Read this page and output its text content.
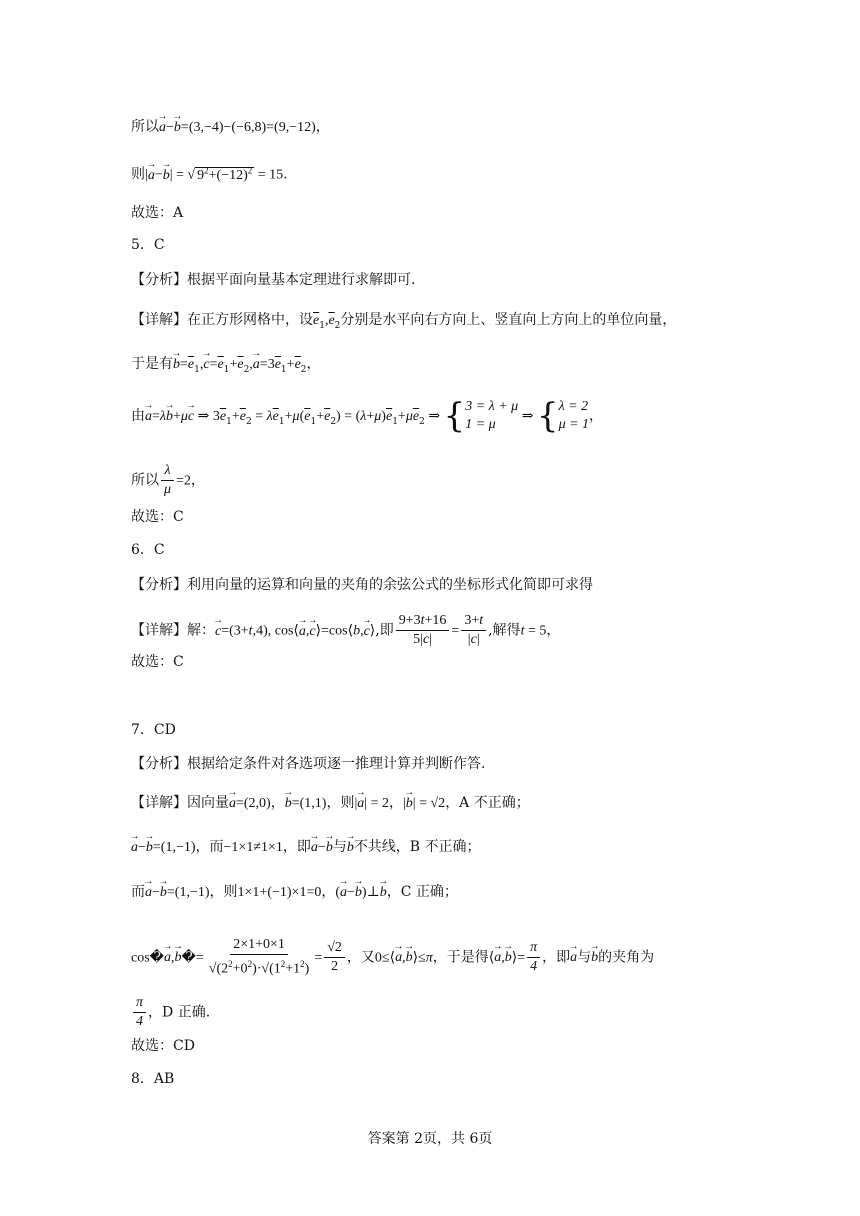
所以→ a−→ b=(3,−4)−(−6,8)=(9,−12)，
则|→ a−→ b| = √ $9^2+(-12)^2 = 15$.
故选：A
5．C
【分析】根据平面向量基本定理进行求解即可.
【详解】在正方形网格中，设$\overline{e}_1,\overline{e}_2$分别是水平向右方向上、竖直向上方向上的单位向量，
于是有→ $b=\overline{e}_1,\to c=\overline{e}_1+\overline{e}_2,\to a=3\overline{e}_1+\overline{e}_2$，
由→ a=λ→ b+μ→ c ⇒ $3\overline{e}_1+\overline{e}_2 = \lambda\overline{e}_1+\mu(\overline{e}_1+\overline{e}_2) = (\lambda+\mu)\overline{e}_1+\mu\overline{e}_2$ ⇒ { 3 = λ + μ
1 = μ
⇒ { λ = 2
μ = 1
，
所以 $\frac{\lambda}{\mu} =2$，
故选：C
6．C
【分析】利用向量的运算和向量的夹角的余弦公式的坐标形式化简即可求得
【详解】解：→ c=(3+t,4), cos⟨→ a,→ c⟩=cos⟨b,→ c⟩,即 $\frac{9+3t+16}{5|c|} = \frac{3+t}{|c|}$ ,解得t = 5，
故选：C
7．CD
【分析】根据给定条件对各选项逐一推理计算并判断作答.
【详解】因向量→ a=(2,0)，→ b=(1,1)，则|→ a| = 2，|→ b| = √2，A 不正确；
→ a−→ b=(1,−1)，而−1×1≠1×1，即→ a−→ b与→ b不共线，B 不正确；
而→ a−→ b=(1,−1)，则1×1+(−1)×1=0，(→ a−→ b)⊥→ b，C 正确；
cos�→ a,→ b�= $\frac{2\times 1+0\times 1}{√(2^2+0^2)\cdot√(1^2+1^2)} = \frac{√2}{2}$ ，又0≤⟨→ a,→ b⟩≤π，于是得⟨→ a,→ b⟩= $\frac{\pi}{4}$ ，即→ a与→ b的夹角为
$\frac{\pi}{4}$ ，D 正确.
故选：CD
8．AB
答案第 2页，共 6页
